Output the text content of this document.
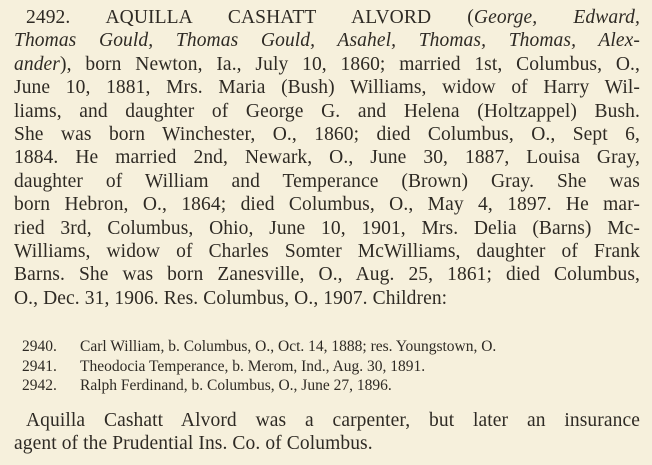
2492. AQUILLA CASHATT ALVORD (George, Edward,
Thomas Gould, Thomas Gould, Asahel, Thomas, Thomas, Alex-
ander), born Newton, Ia., July 10, 1860; married 1st, Columbus, O.,
June 10, 1881, Mrs. Maria (Bush) Williams, widow of Harry Wil-
liams, and daughter of George G. and Helena (Holtzappel) Bush.
She was born Winchester, O., 1860; died Columbus, O., Sept 6,
1884. He married 2nd, Newark, O., June 30, 1887, Louisa Gray,
daughter of William and Temperance (Brown) Gray. She was
born Hebron, O., 1864; died Columbus, O., May 4, 1897. He mar-
ried 3rd, Columbus, Ohio, June 10, 1901, Mrs. Delia (Barns) Mc-
Williams, widow of Charles Somter McWilliams, daughter of Frank
Barns. She was born Zanesville, O., Aug. 25, 1861; died Columbus,
O., Dec. 31, 1906. Res. Columbus, O., 1907. Children:
2940.	Carl William, b. Columbus, O., Oct. 14, 1888; res. Youngstown, O.
2941.	Theodocia Temperance, b. Merom, Ind., Aug. 30, 1891.
2942.	Ralph Ferdinand, b. Columbus, O., June 27, 1896.
Aquilla Cashatt Alvord was a carpenter, but later an insurance
agent of the Prudential Ins. Co. of Columbus.
